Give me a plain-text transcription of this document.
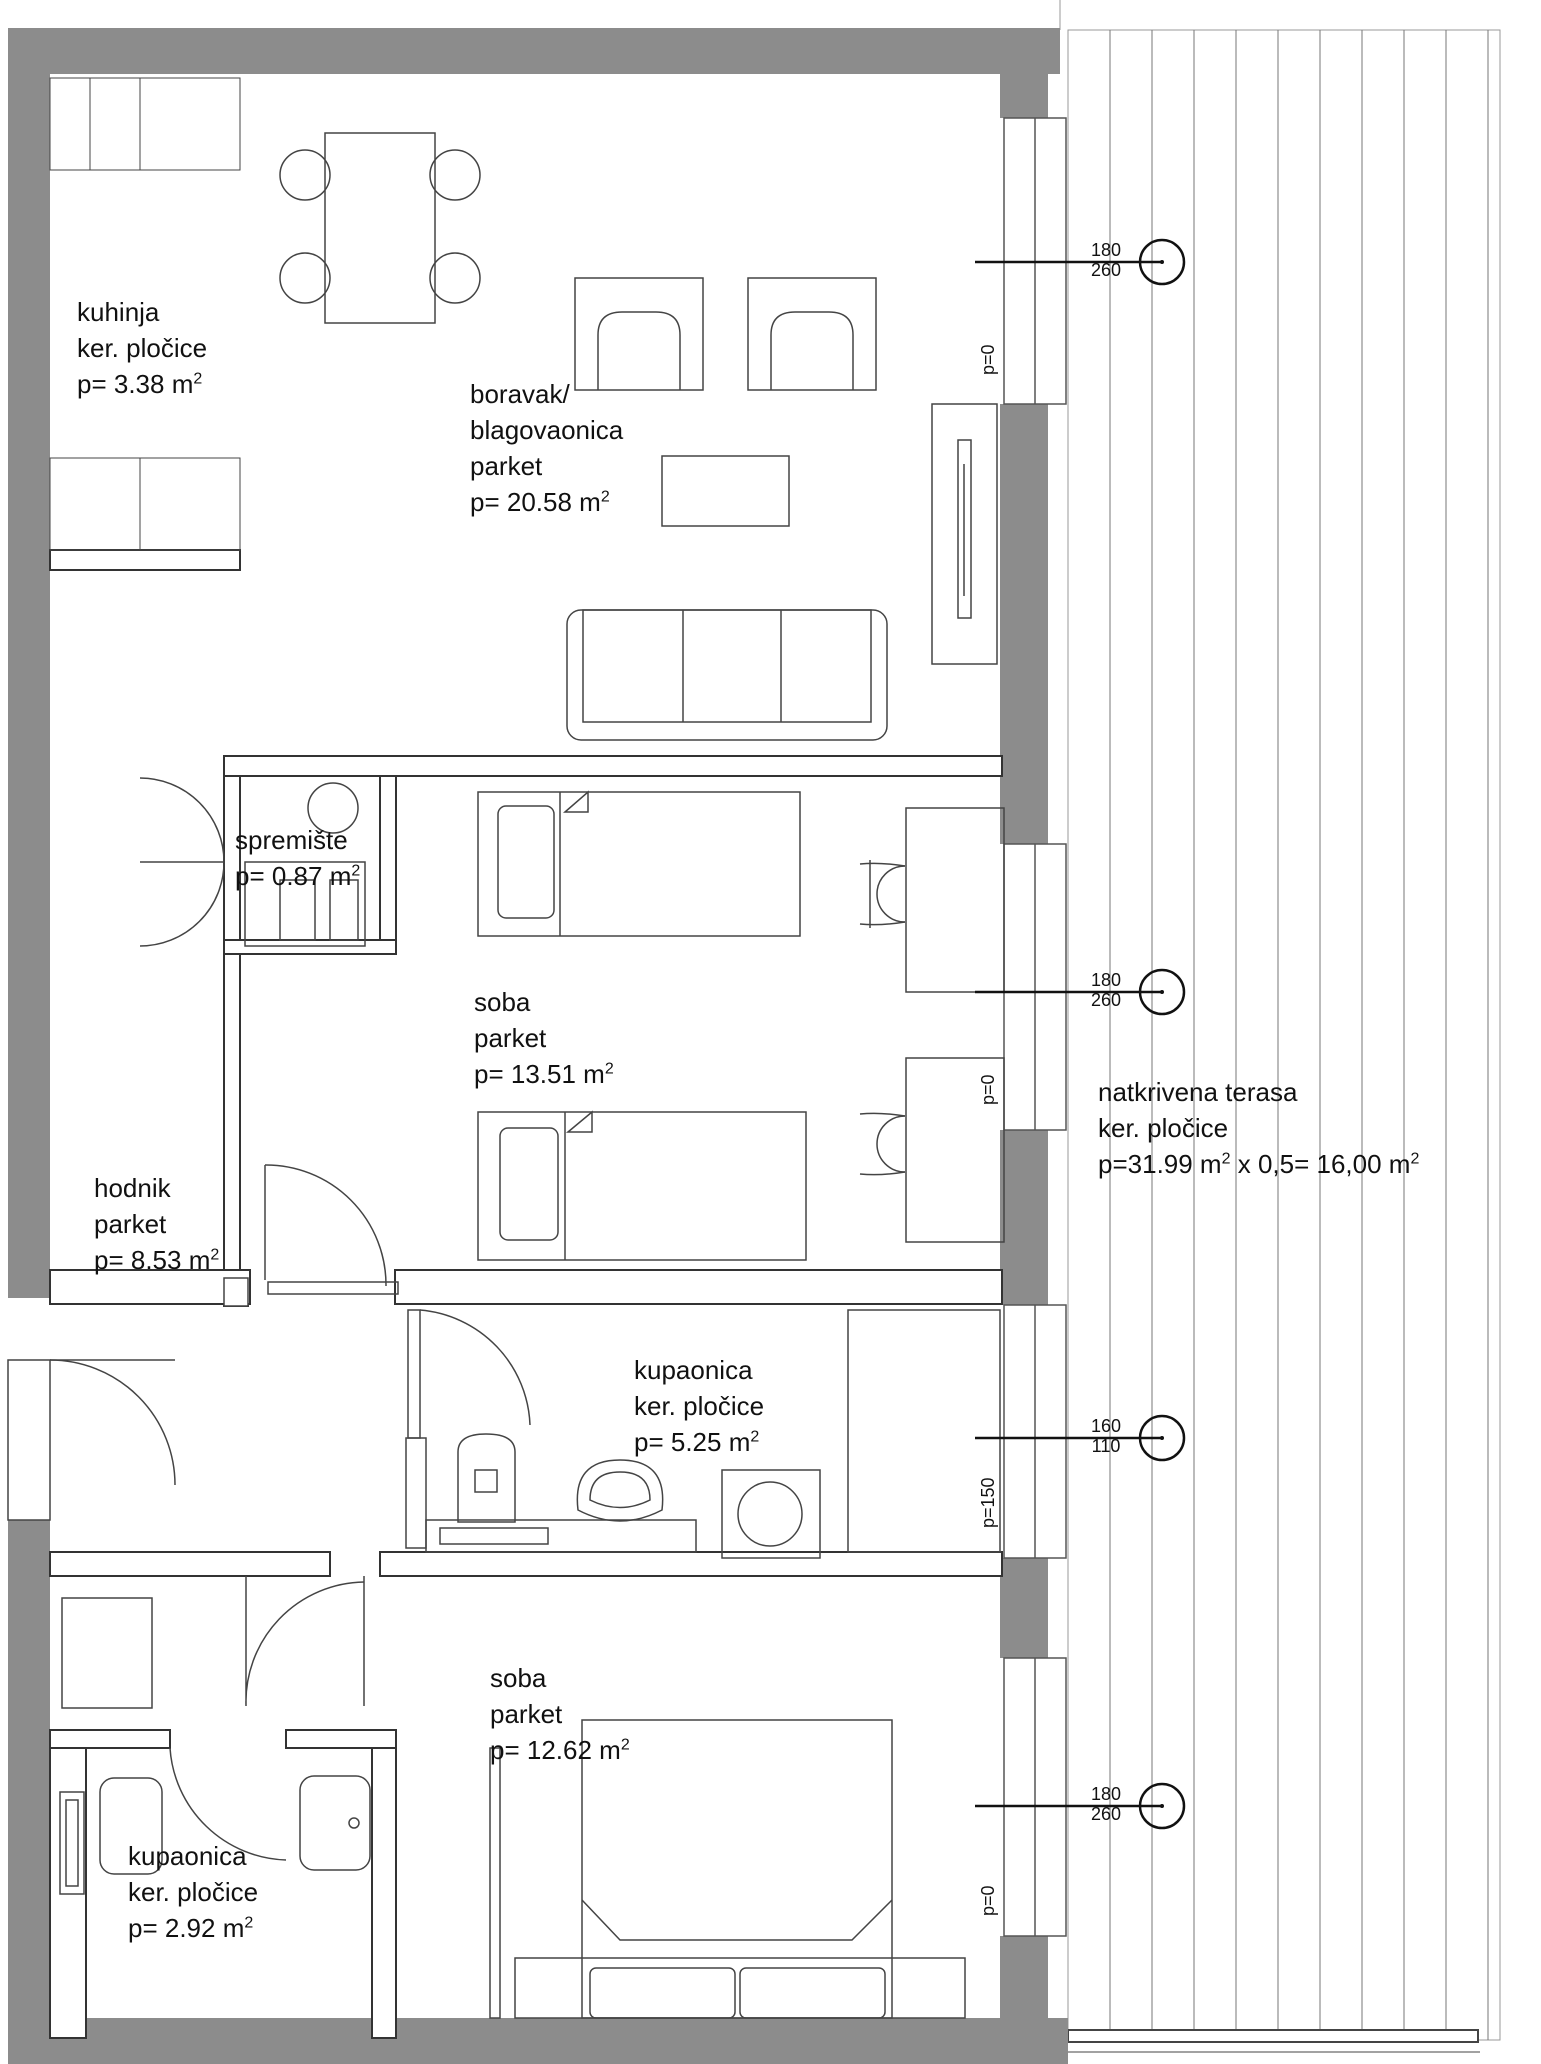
kuhinja
ker. pločice
p= 3.38 $m^2$
boravak/
blagovaonica
parket
p= 20.58 $m^2$
spremište
p= 0.87 $m^2$
soba
parket
p= 13.51 $m^2$
hodnik
parket
p= 8.53 $m^2$
kupaonica
ker. pločice
p= 5.25 $m^2$
soba
parket
p= 12.62 $m^2$
kupaonica
ker. pločice
p= 2.92 $m^2$
natkrivena terasa
ker. pločice
p=31.99 $m^2$ x 0,5= 16,00 $m^2$
180
260
180
260
160
110
180
260
p=0
p=0
p=150
p=0
